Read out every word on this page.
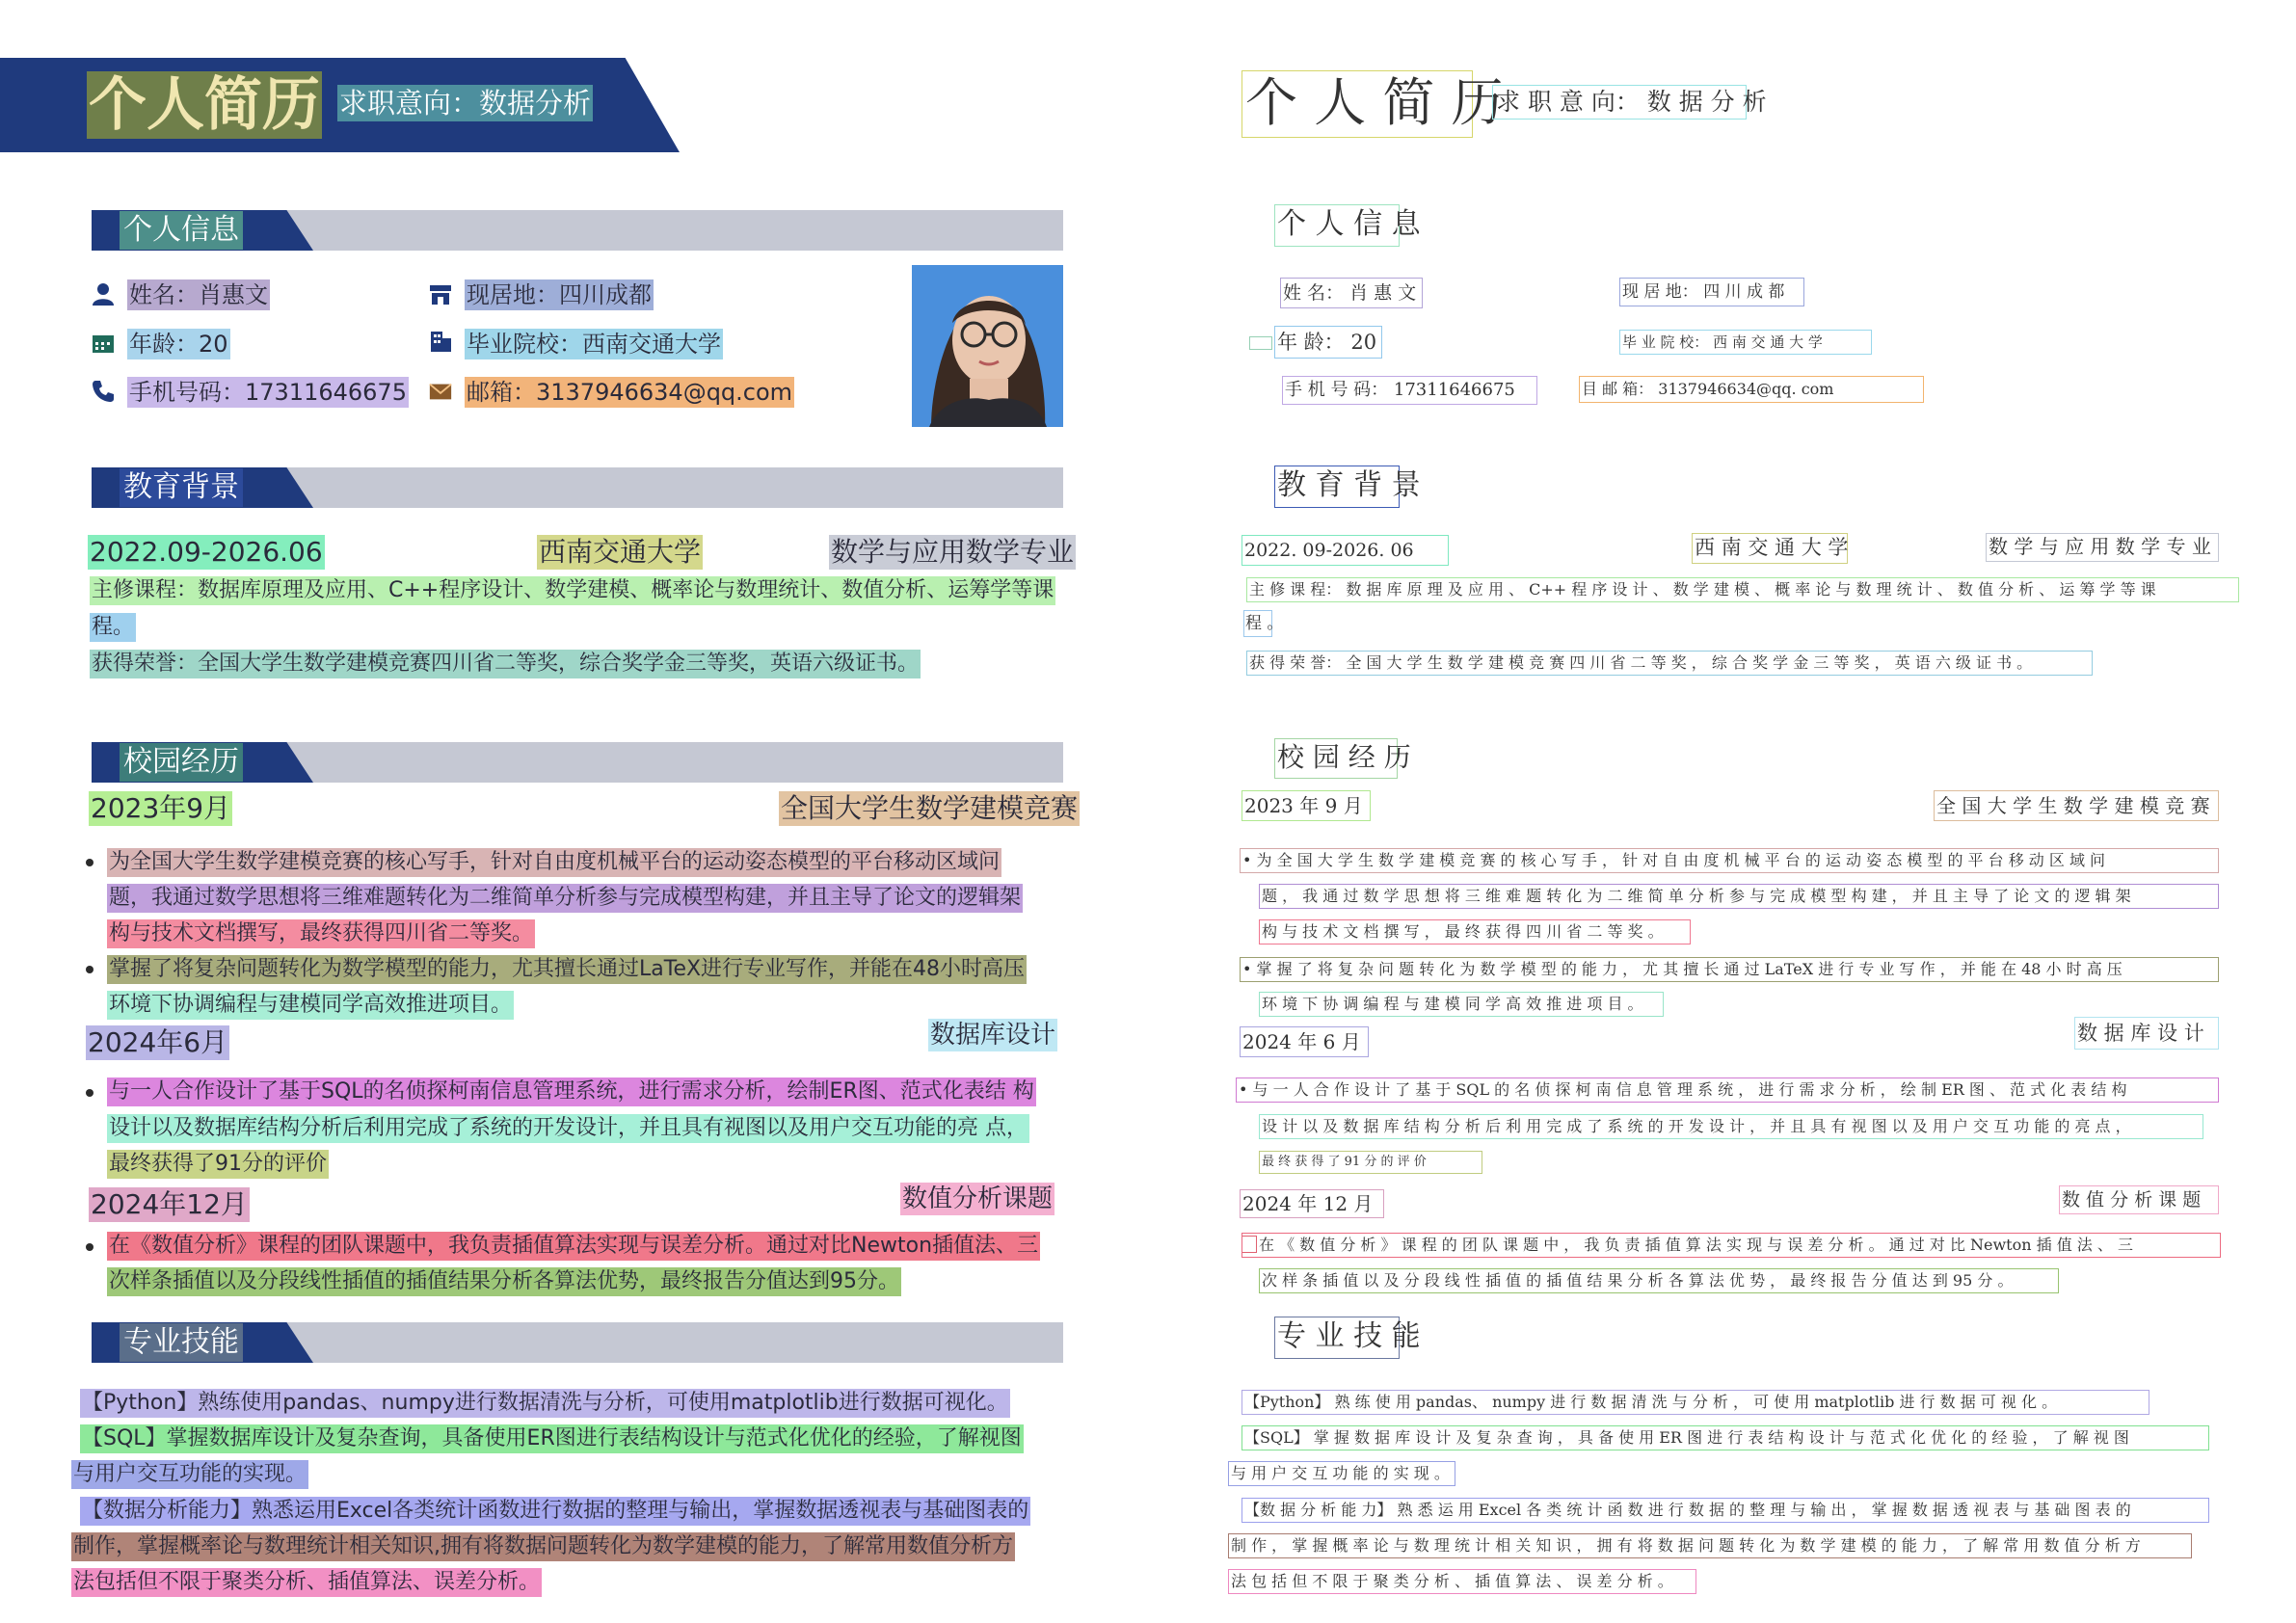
个人简历 求职意向：数据分析
个人信息
姓名：肖惠文	现居地：四川成都
年龄：20	毕业院校：西南交通大学
手机号码：17311646675	邮箱：3137946634@qq.com
教育背景
2022.09-2026.06	西南交通大学	数学与应用数学专业
主修课程：数据库原理及应用、C++程序设计、数学建模、概率论与数理统计、数值分析、运筹学等课
程。
获得荣誉：全国大学生数学建模竞赛四川省二等奖，综合奖学金三等奖，英语六级证书。
校园经历
2023年9月	全国大学生数学建模竞赛
为全国大学生数学建模竞赛的核心写手，针对自由度机械平台的运动姿态模型的平台移动区域问
题，我通过数学思想将三维难题转化为二维简单分析参与完成模型构建，并且主导了论文的逻辑架
构与技术文档撰写，最终获得四川省二等奖。
掌握了将复杂问题转化为数学模型的能力，尤其擅长通过LaTeX进行专业写作，并能在48小时高压
环境下协调编程与建模同学高效推进项目。
2024年6月	数据库设计
与一人合作设计了基于SQL的名侦探柯南信息管理系统，进行需求分析，绘制ER图、范式化表结 构
设计以及数据库结构分析后利用完成了系统的开发设计，并且具有视图以及用户交互功能的亮 点，
最终获得了91分的评价
2024年12月	数值分析课题
在《数值分析》课程的团队课题中，我负责插值算法实现与误差分析。通过对比Newton插值法、三
次样条插值以及分段线性插值的插值结果分析各算法优势，最终报告分值达到95分。
专业技能
【Python】熟练使用pandas、numpy进行数据清洗与分析，可使用matplotlib进行数据可视化。
【SQL】掌握数据库设计及复杂查询，具备使用ER图进行表结构设计与范式化优化的经验，了解视图
与用户交互功能的实现。
【数据分析能力】熟悉运用Excel各类统计函数进行数据的整理与输出，掌握数据透视表与基础图表的
制作，掌握概率论与数理统计相关知识,拥有将数据问题转化为数学建模的能力，了解常用数值分析方
法包括但不限于聚类分析、插值算法、误差分析。
个 人 简 历
求 职 意 向： 数 据 分 析
个 人 信 息
姓 名： 肖 惠 文	现 居 地： 四 川 成 都
年 龄： 20	毕 业 院 校： 西 南 交 通 大 学
手 机 号 码： 17311646675	目 邮 箱： 3137946634@qq. com
教 育 背 景
2022. 09-2026. 06	西 南 交 通 大 学	数 学 与 应 用 数 学 专 业
主 修 课 程： 数 据 库 原 理 及 应 用 、 C++ 程 序 设 计 、 数 学 建 模 、 概 率 论 与 数 理 统 计 、 数 值 分 析 、 运 筹 学 等 课
程 。
获 得 荣 誉： 全 国 大 学 生 数 学 建 模 竞 赛 四 川 省 二 等 奖 ， 综 合 奖 学 金 三 等 奖 ， 英 语 六 级 证 书 。
校 园 经 历
2023 年 9 月	全 国 大 学 生 数 学 建 模 竞 赛
• 为 全 国 大 学 生 数 学 建 模 竞 赛 的 核 心 写 手 ， 针 对 自 由 度 机 械 平 台 的 运 动 姿 态 模 型 的 平 台 移 动 区 域 问
题 ， 我 通 过 数 学 思 想 将 三 维 难 题 转 化 为 二 维 简 单 分 析 参 与 完 成 模 型 构 建 ， 并 且 主 导 了 论 文 的 逻 辑 架
构 与 技 术 文 档 撰 写 ， 最 终 获 得 四 川 省 二 等 奖 。
• 掌 握 了 将 复 杂 问 题 转 化 为 数 学 模 型 的 能 力 ， 尤 其 擅 长 通 过 LaTeX 进 行 专 业 写 作 ， 并 能 在 48 小 时 高 压
环 境 下 协 调 编 程 与 建 模 同 学 高 效 推 进 项 目 。
2024 年 6 月	数 据 库 设 计
• 与 一 人 合 作 设 计 了 基 于 SQL 的 名 侦 探 柯 南 信 息 管 理 系 统 ， 进 行 需 求 分 析 ， 绘 制 ER 图 、 范 式 化 表 结 构
设 计 以 及 数 据 库 结 构 分 析 后 利 用 完 成 了 系 统 的 开 发 设 计 ， 并 且 具 有 视 图 以 及 用 户 交 互 功 能 的 亮 点 ，
最 终 获 得 了 91 分 的 评 价
2024 年 12 月	数 值 分 析 课 题
在 《 数 值 分 析 》 课 程 的 团 队 课 题 中 ， 我 负 责 插 值 算 法 实 现 与 误 差 分 析 。 通 过 对 比 Newton 插 值 法 、 三
次 样 条 插 值 以 及 分 段 线 性 插 值 的 插 值 结 果 分 析 各 算 法 优 势 ， 最 终 报 告 分 值 达 到 95 分 。
专 业 技 能
【Python】 熟 练 使 用 pandas、 numpy 进 行 数 据 清 洗 与 分 析 ， 可 使 用 matplotlib 进 行 数 据 可 视 化 。
【SQL】 掌 握 数 据 库 设 计 及 复 杂 查 询 ， 具 备 使 用 ER 图 进 行 表 结 构 设 计 与 范 式 化 优 化 的 经 验 ， 了 解 视 图
与 用 户 交 互 功 能 的 实 现 。
【数 据 分 析 能 力】 熟 悉 运 用 Excel 各 类 统 计 函 数 进 行 数 据 的 整 理 与 输 出 ， 掌 握 数 据 透 视 表 与 基 础 图 表 的
制 作 ， 掌 握 概 率 论 与 数 理 统 计 相 关 知 识 ， 拥 有 将 数 据 问 题 转 化 为 数 学 建 模 的 能 力 ， 了 解 常 用 数 值 分 析 方
法 包 括 但 不 限 于 聚 类 分 析 、 插 值 算 法 、 误 差 分 析 。
